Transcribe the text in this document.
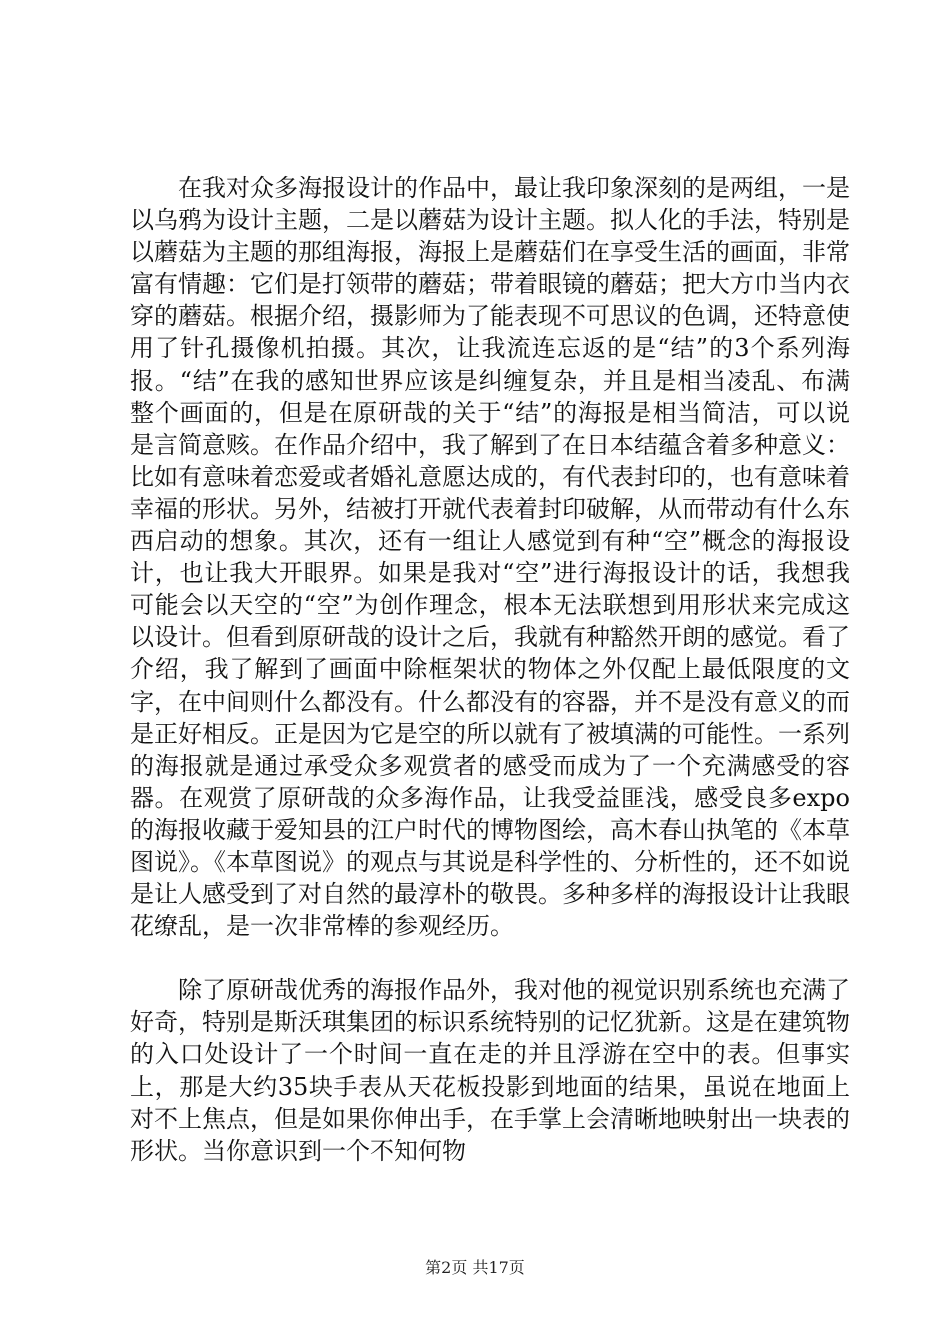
在我对众多海报设计的作品中，最让我印象深刻的是两组，一是以乌鸦为设计主题，二是以蘑菇为设计主题。拟人化的手法，特别是以蘑菇为主题的那组海报，海报上是蘑菇们在享受生活的画面，非常富有情趣：它们是打领带的蘑菇；带着眼镜的蘑菇；把大方巾当内衣穿的蘑菇。根据介绍，摄影师为了能表现不可思议的色调，还特意使用了针孔摄像机拍摄。其次，让我流连忘返的是“结”的3个系列海报。“结”在我的感知世界应该是纠缠复杂，并且是相当凌乱、布满整个画面的，但是在原研哉的关于“结”的海报是相当简洁，可以说是言简意赅。在作品介绍中，我了解到了在日本结蕴含着多种意义：比如有意味着恋爱或者婚礼意愿达成的，有代表封印的，也有意味着幸福的形状。另外，结被打开就代表着封印破解，从而带动有什么东西启动的想象。其次，还有一组让人感觉到有种“空”概念的海报设计，也让我大开眼界。如果是我对“空”进行海报设计的话，我想我可能会以天空的“空”为创作理念，根本无法联想到用形状来完成这以设计。但看到原研哉的设计之后，我就有种豁然开朗的感觉。看了介绍，我了解到了画面中除框架状的物体之外仅配上最低限度的文字，在中间则什么都没有。什么都没有的容器，并不是没有意义的而是正好相反。正是因为它是空的所以就有了被填满的可能性。一系列的海报就是通过承受众多观赏者的感受而成为了一个充满感受的容器。在观赏了原研哉的众多海作品，让我受益匪浅，感受良多expo的海报收藏于爱知县的江户时代的博物图绘，高木春山执笔的《本草图说》。《本草图说》的观点与其说是科学性的、分析性的，还不如说是让人感受到了对自然的最淳朴的敬畏。多种多样的海报设计让我眼花缭乱，是一次非常棒的参观经历。

除了原研哉优秀的海报作品外，我对他的视觉识别系统也充满了好奇，特别是斯沃琪集团的标识系统特别的记忆犹新。这是在建筑物的入口处设计了一个时间一直在走的并且浮游在空中的表。但事实上，那是大约35块手表从天花板投影到地面的结果，虽说在地面上对不上焦点，但是如果你伸出手，在手掌上会清晰地映射出一块表的形状。当你意识到一个不知何物

第2页 共17页
